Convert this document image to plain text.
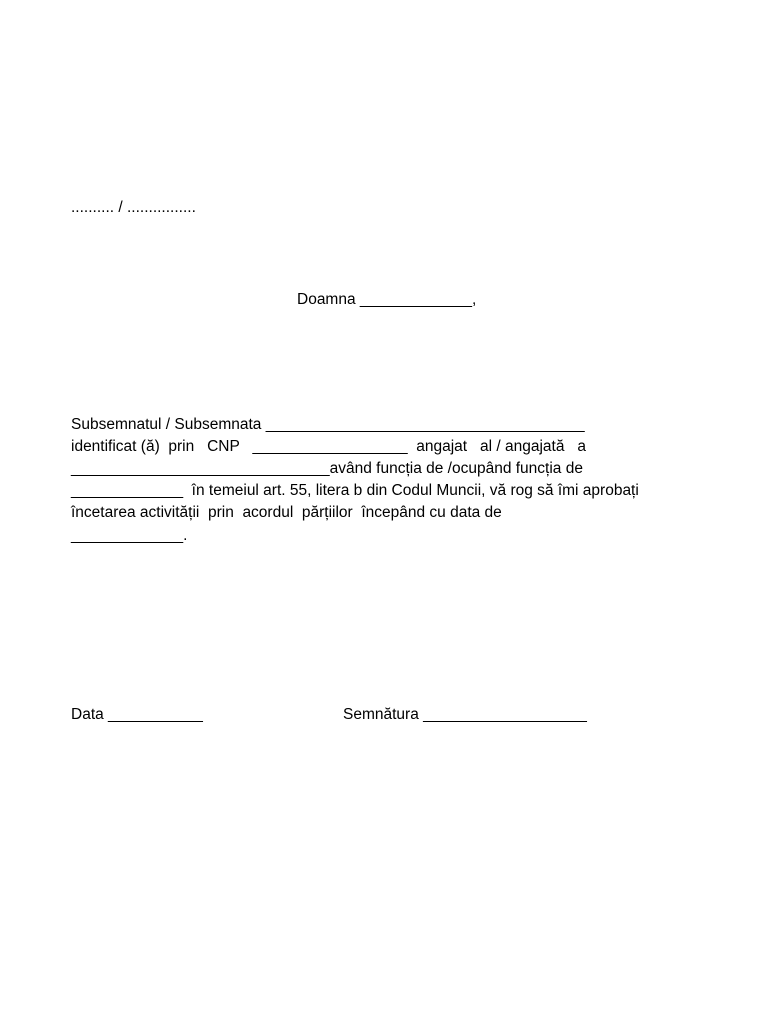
.......... / ................
Doamna _____________,
Subsemnatul / Subsemnata _____________________________________
identificat (ă)  prin   CNP   __________________  angajat   al / angajată   a
______________________________având funcția de /ocupând funcția de
_____________  în temeiul art. 55, litera b din Codul Muncii, vă rog să îmi aprobați
încetarea activității  prin  acordul  părțiilor  începând cu data de
_____________.
Data ___________	Semnătura ___________________
